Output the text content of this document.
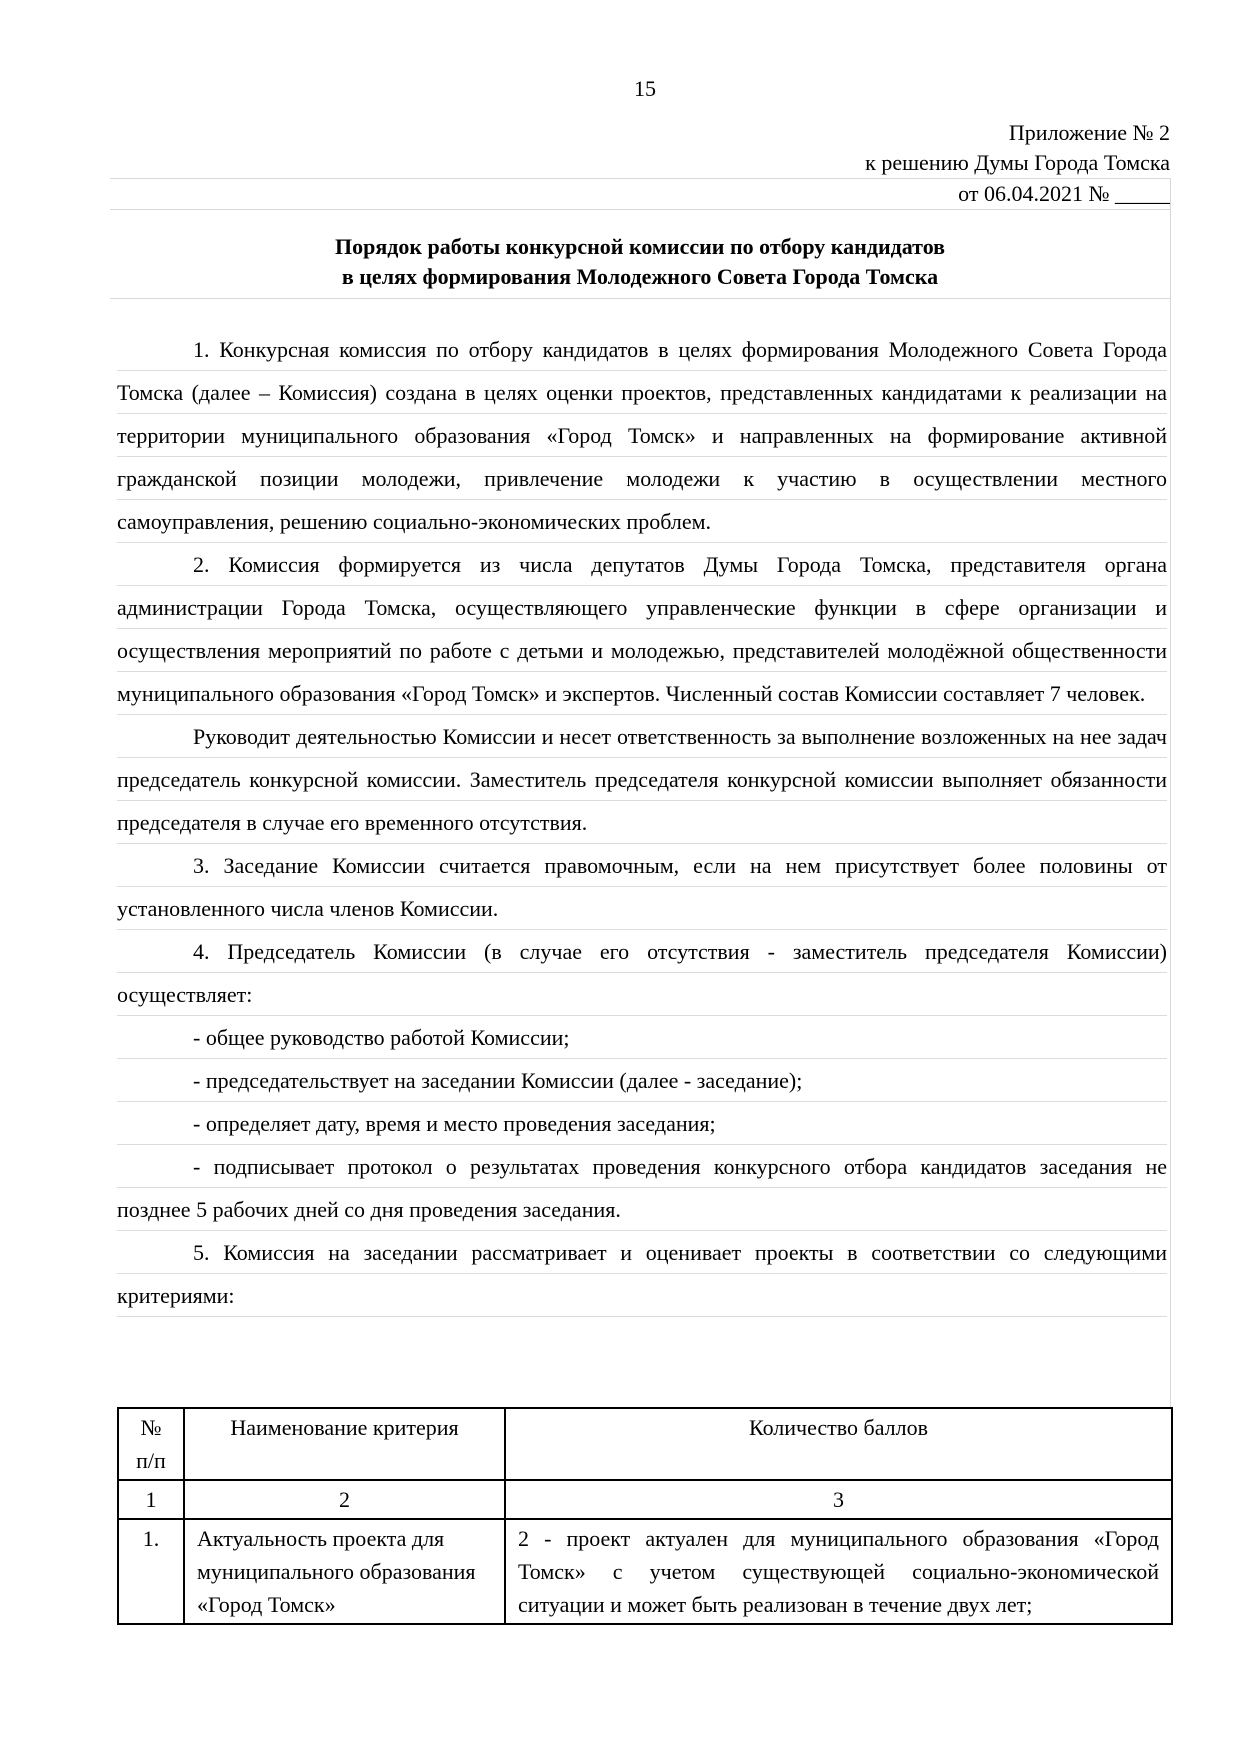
15
Приложение № 2
к решению Думы Города Томска
от 06.04.2021 № _____
Порядок работы конкурсной комиссии по отбору кандидатов
в целях формирования Молодежного Совета Города Томска

1. Конкурсная комиссия по отбору кандидатов в целях формирования Молодежного Совета Города Томска (далее – Комиссия) создана в целях оценки проектов, представленных кандидатами к реализации на территории муниципального образования «Город Томск» и направленных на формирование активной гражданской позиции молодежи, привлечение молодежи к участию в осуществлении местного самоуправления, решению социально-экономических проблем.

2. Комиссия формируется из числа депутатов Думы Города Томска, представителя органа администрации Города Томска, осуществляющего управленческие функции в сфере организации и осуществления мероприятий по работе с детьми и молодежью, представителей молодёжной общественности муниципального образования «Город Томск» и экспертов. Численный состав Комиссии составляет 7 человек.

Руководит деятельностью Комиссии и несет ответственность за выполнение возложенных на нее задач председатель конкурсной комиссии. Заместитель председателя конкурсной комиссии выполняет обязанности председателя в случае его временного отсутствия.

3. Заседание Комиссии считается правомочным, если на нем присутствует более половины от установленного числа членов Комиссии.

4. Председатель Комиссии (в случае его отсутствия - заместитель председателя Комиссии) осуществляет:

- общее руководство работой Комиссии;

- председательствует на заседании Комиссии (далее - заседание);

- определяет дату, время и место проведения заседания;

- подписывает протокол о результатах проведения конкурсного отбора кандидатов заседания не позднее 5 рабочих дней со дня проведения заседания.

5. Комиссия на заседании рассматривает и оценивает проекты в соответствии со следующими критериями:

№ п/п	Наименование критерия	Количество баллов
1	2	3
1.	Актуальность проекта для муниципального образования «Город Томск»	2 - проект актуален для муниципального образования «Город Томск» с учетом существующей социально-экономической ситуации и может быть реализован в течение двух лет;
